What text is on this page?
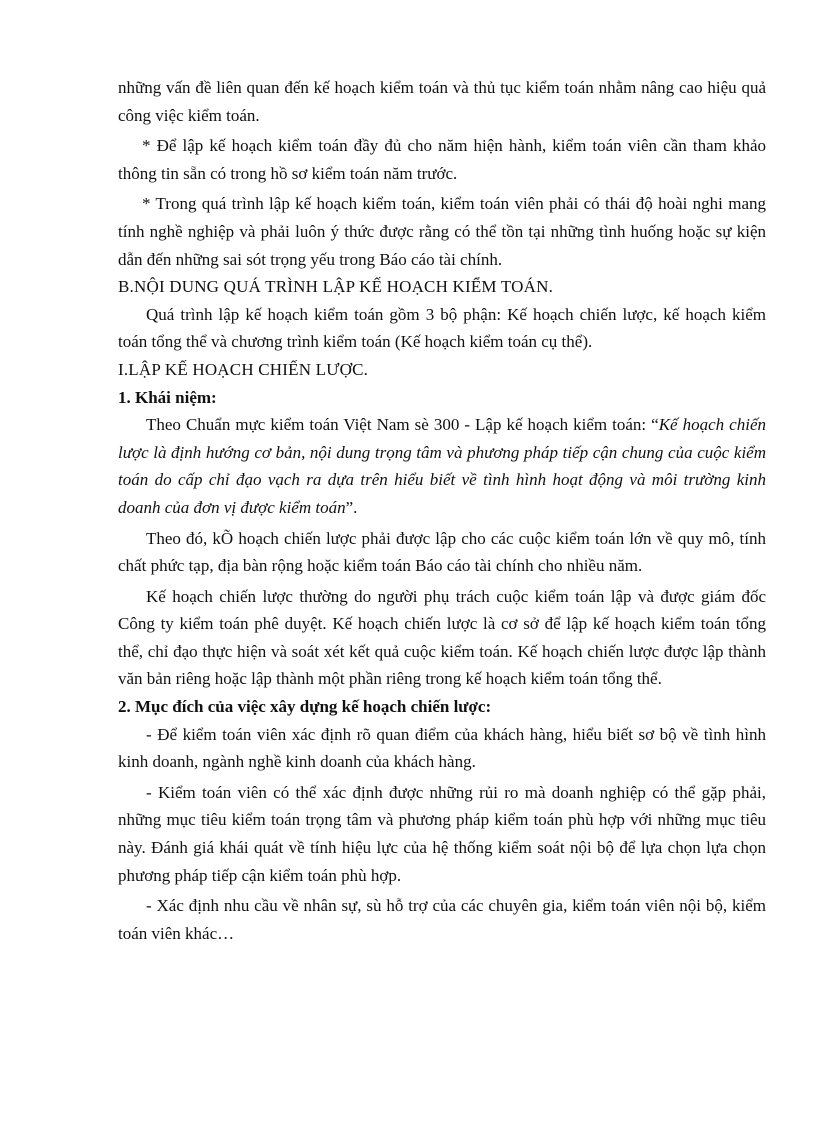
những vấn đề liên quan đến kế hoạch kiểm toán và thủ tục kiểm toán nhằm nâng cao hiệu quả công việc kiểm toán.

* Để lập kế hoạch kiểm toán đầy đủ cho năm hiện hành, kiểm toán viên cần tham khảo thông tin sẵn có trong hồ sơ kiểm toán năm trước.

* Trong quá trình lập kế hoạch kiểm toán, kiểm toán viên phải có thái độ hoài nghi mang tính nghề nghiệp và phải luôn ý thức được rằng có thể tồn tại những tình huống hoặc sự kiện dẫn đến những sai sót trọng yếu trong Báo cáo tài chính.

B.NỘI DUNG QUÁ TRÌNH LẬP KẾ HOẠCH KIỂM TOÁN.

Quá trình lập kế hoạch kiểm toán gồm 3 bộ phận: Kế hoạch chiến lược, kế hoạch kiểm toán tổng thể và chương trình kiểm toán (Kế hoạch kiểm toán cụ thể).

I.LẬP KẾ HOẠCH CHIẾN LƯỢC.

1. Khái niệm:

Theo Chuẩn mực kiểm toán Việt Nam sè 300 - Lập kế hoạch kiểm toán: “Kế hoạch chiến lược là định hướng cơ bản, nội dung trọng tâm và phương pháp tiếp cận chung của cuộc kiểm toán do cấp chỉ đạo vạch ra dựa trên hiểu biết về tình hình hoạt động và môi trường kinh doanh của đơn vị được kiểm toán”.

Theo đó, kÕ hoạch chiến lược phải được lập cho các cuộc kiểm toán lớn về quy mô, tính chất phức tạp, địa bàn rộng hoặc kiểm toán Báo cáo tài chính cho nhiều năm.

Kế hoạch chiến lược thường do người phụ trách cuộc kiểm toán lập và được giám đốc Công ty kiểm toán phê duyệt. Kế hoạch chiến lược là cơ sở để lập kế hoạch kiểm toán tổng thể, chỉ đạo thực hiện và soát xét kết quả cuộc kiểm toán. Kế hoạch chiến lược được lập thành văn bản riêng hoặc lập thành một phần riêng trong kế hoạch kiểm toán tổng thể.

2. Mục đích của việc xây dựng kế hoạch chiến lược:

- Để kiểm toán viên xác định rõ quan điểm của khách hàng, hiểu biết sơ bộ về tình hình kinh doanh, ngành nghề kinh doanh của khách hàng.

- Kiểm toán viên có thể xác định được những rủi ro mà doanh nghiệp có thể gặp phải, những mục tiêu kiểm toán trọng tâm và phương pháp kiểm toán phù hợp với những mục tiêu này. Đánh giá khái quát về tính hiệu lực của hệ thống kiểm soát nội bộ để lựa chọn lựa chọn phương pháp tiếp cận kiểm toán phù hợp.

- Xác định nhu cầu về nhân sự, sù hỗ trợ của các chuyên gia, kiểm toán viên nội bộ, kiểm toán viên khác…
